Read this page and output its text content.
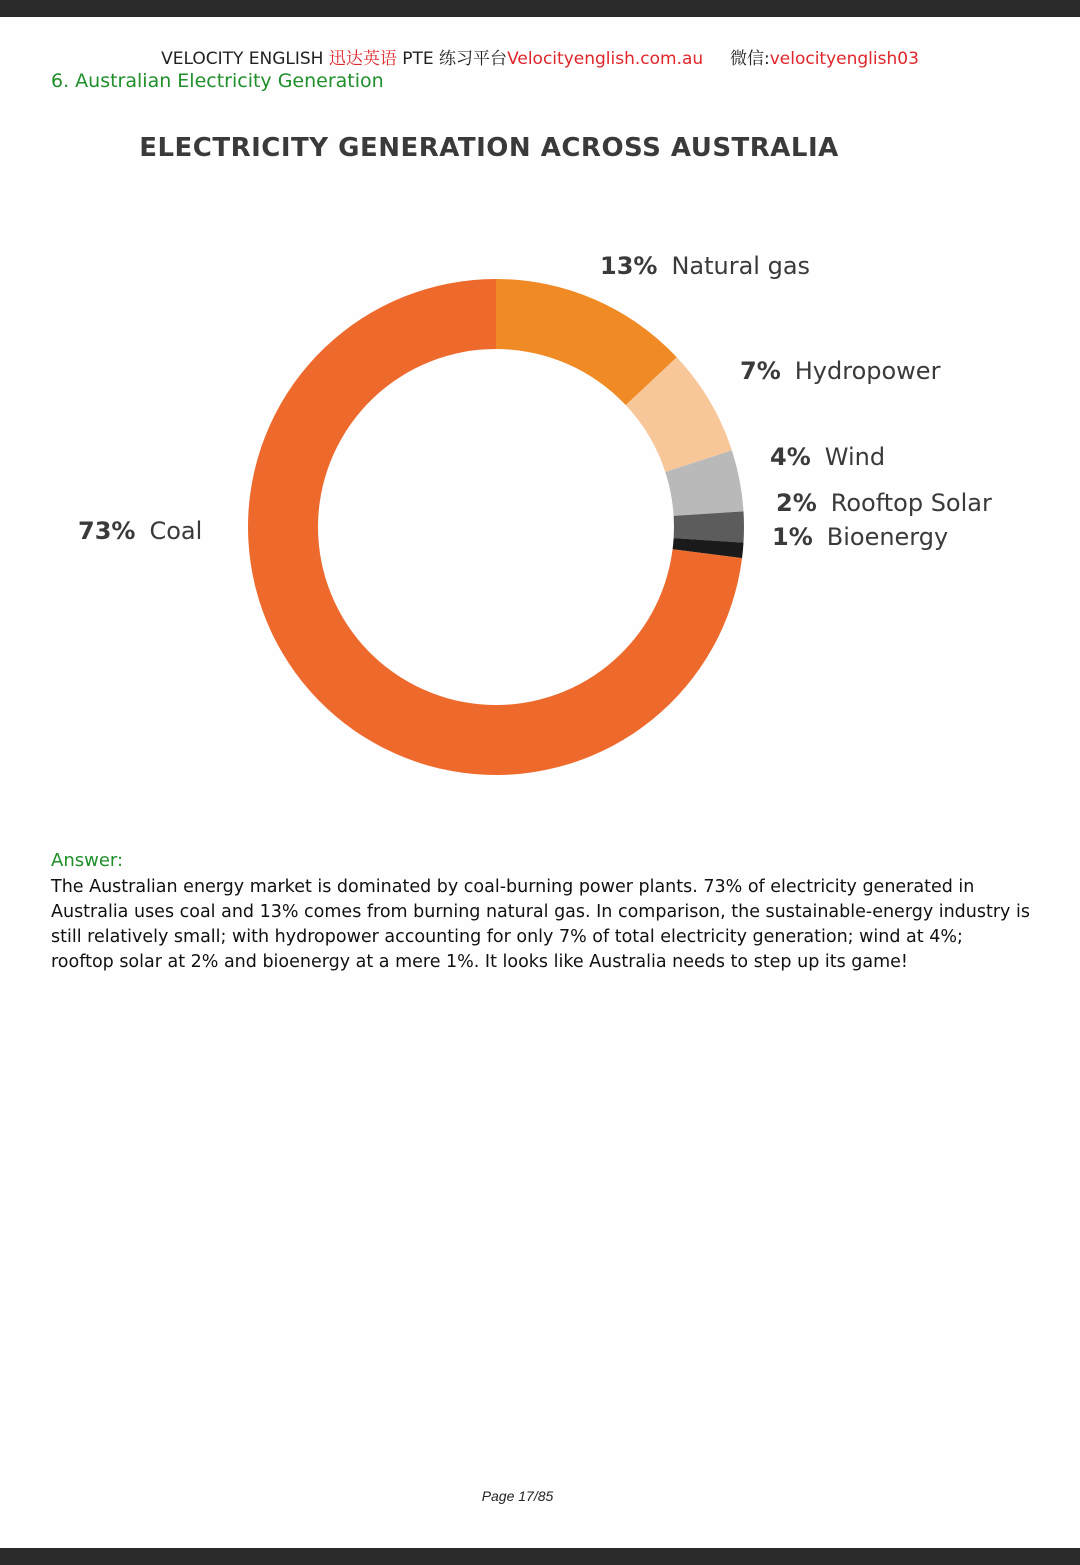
VELOCITY ENGLISH 迅达英语 PTE 练习平台Velocityenglish.com.au 微信:velocityenglish03
6. Australian Electricity Generation
ELECTRICITY GENERATION ACROSS AUSTRALIA
13% Natural gas
7% Hydropower
4% Wind
2% Rooftop Solar
1% Bioenergy
73% Coal
Answer:
The Australian energy market is dominated by coal-burning power plants. 73% of electricity generated in Australia uses coal and 13% comes from burning natural gas. In comparison, the sustainable-energy industry is still relatively small; with hydropower accounting for only 7% of total electricity generation; wind at 4%; rooftop solar at 2% and bioenergy at a mere 1%. It looks like Australia needs to step up its game!
Page 17/85
